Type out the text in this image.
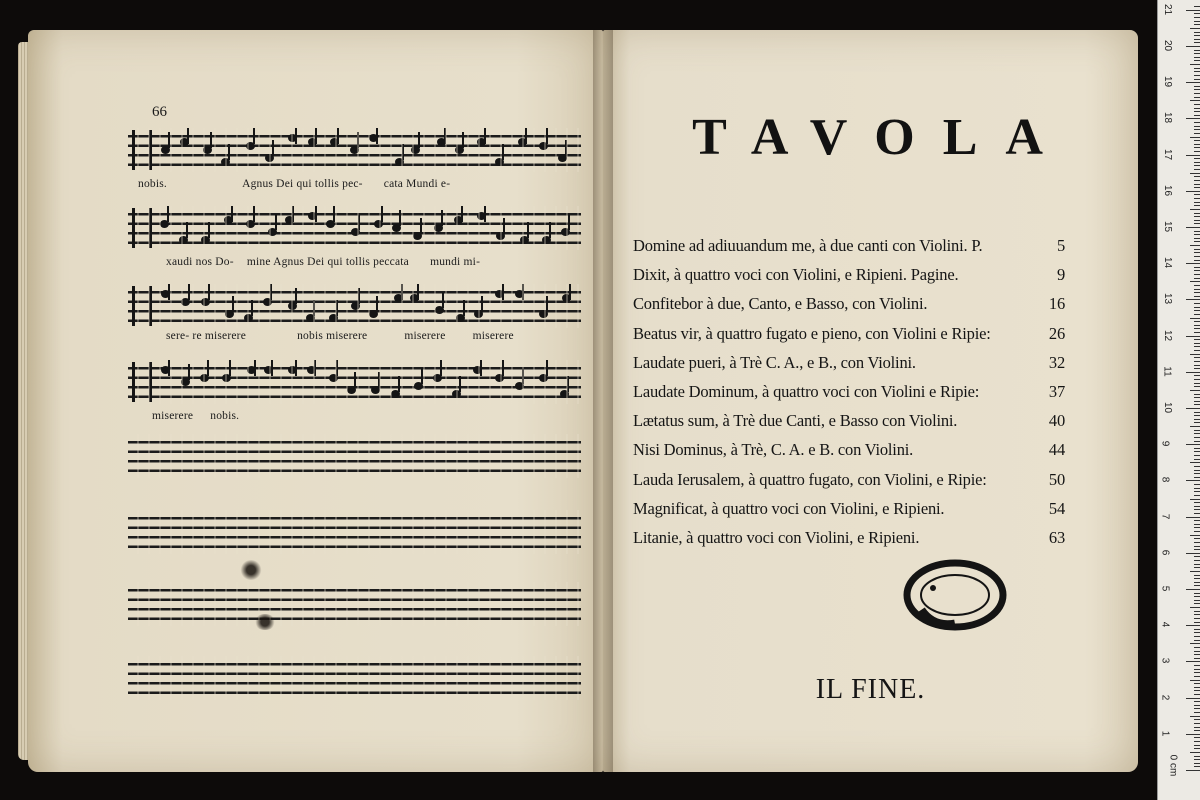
66
nobis.	Agnus Dei qui tollis pec- cata Mundi e-
xaudi nos Do- mine Agnus Dei qui tollis peccata mundi mi-
sere- re miserere	nobis miserere	miserere miserere
miserere nobis.
TAVOLA
Domine ad adiuuandum me, à due canti con Violini. P.	5
Dixit, à quattro voci con Violini, e Ripieni. Pagine.	9
Confitebor à due, Canto, e Basso, con Violini.	16
Beatus vir, à quattro fugato e pieno, con Violini e Ripie:	26
Laudate pueri, à Trè C. A., e B., con Violini.	32
Laudate Dominum, à quattro voci con Violini e Ripie:	37
Lætatus sum, à Trè due Canti, e Basso con Violini.	40
Nisi Dominus, à Trè, C. A. e B. con Violini.	44
Lauda Ierusalem, à quattro fugato, con Violini, e Ripie:	50
Magnificat, à quattro voci con Violini, e Ripieni.	54
Litanie, à quattro voci con Violini, e Ripieni.	63
IL FINE.
0 cm
1
2
3
4
5
6
7
8
9
10
11
12
13
14
15
16
17
18
19
20
21
